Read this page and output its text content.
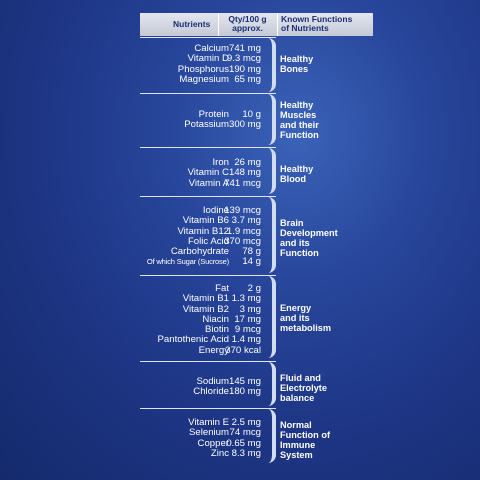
Nutrients	Qty/100 g
approx.
Known Functions
of Nutrients
Calcium 741 mg
Vitamin D
9.3 mcg
Phosphorus 190 mg
Magnesium 65 mg
Healthy
Bones
Protein 10 g
Potassium 300 mg
Healthy
Muscles
and their
Function
Iron 26 mg
Vitamin C 148 mg
Vitamin A
741 mcg
Healthy
Blood
Iodine
139 mcg
Vitamin B6 3.7 mg
Vitamin B12
1.9 mcg
Folic Acid
370 mcg
Carbohydrate 78 g
Of which Sugar (Sucrose) 14 g
Brain
Development
and its
Function
Fat 2 g
Vitamin B1 1.3 mg
Vitamin B2 3 mg
Niacin 17 mg
Biotin 9 mcg
Pantothenic Acid 1.4 mg
Energy
370 kcal
Energy
and its
metabolism
Sodium 145 mg
Chloride 180 mg
Fluid and
Electrolyte
balance
Vitamin E 2.5 mg
Selenium 74 mcg
Copper
0.65 mg
Zinc 8.3 mg
Normal
Function of
Immune
System
